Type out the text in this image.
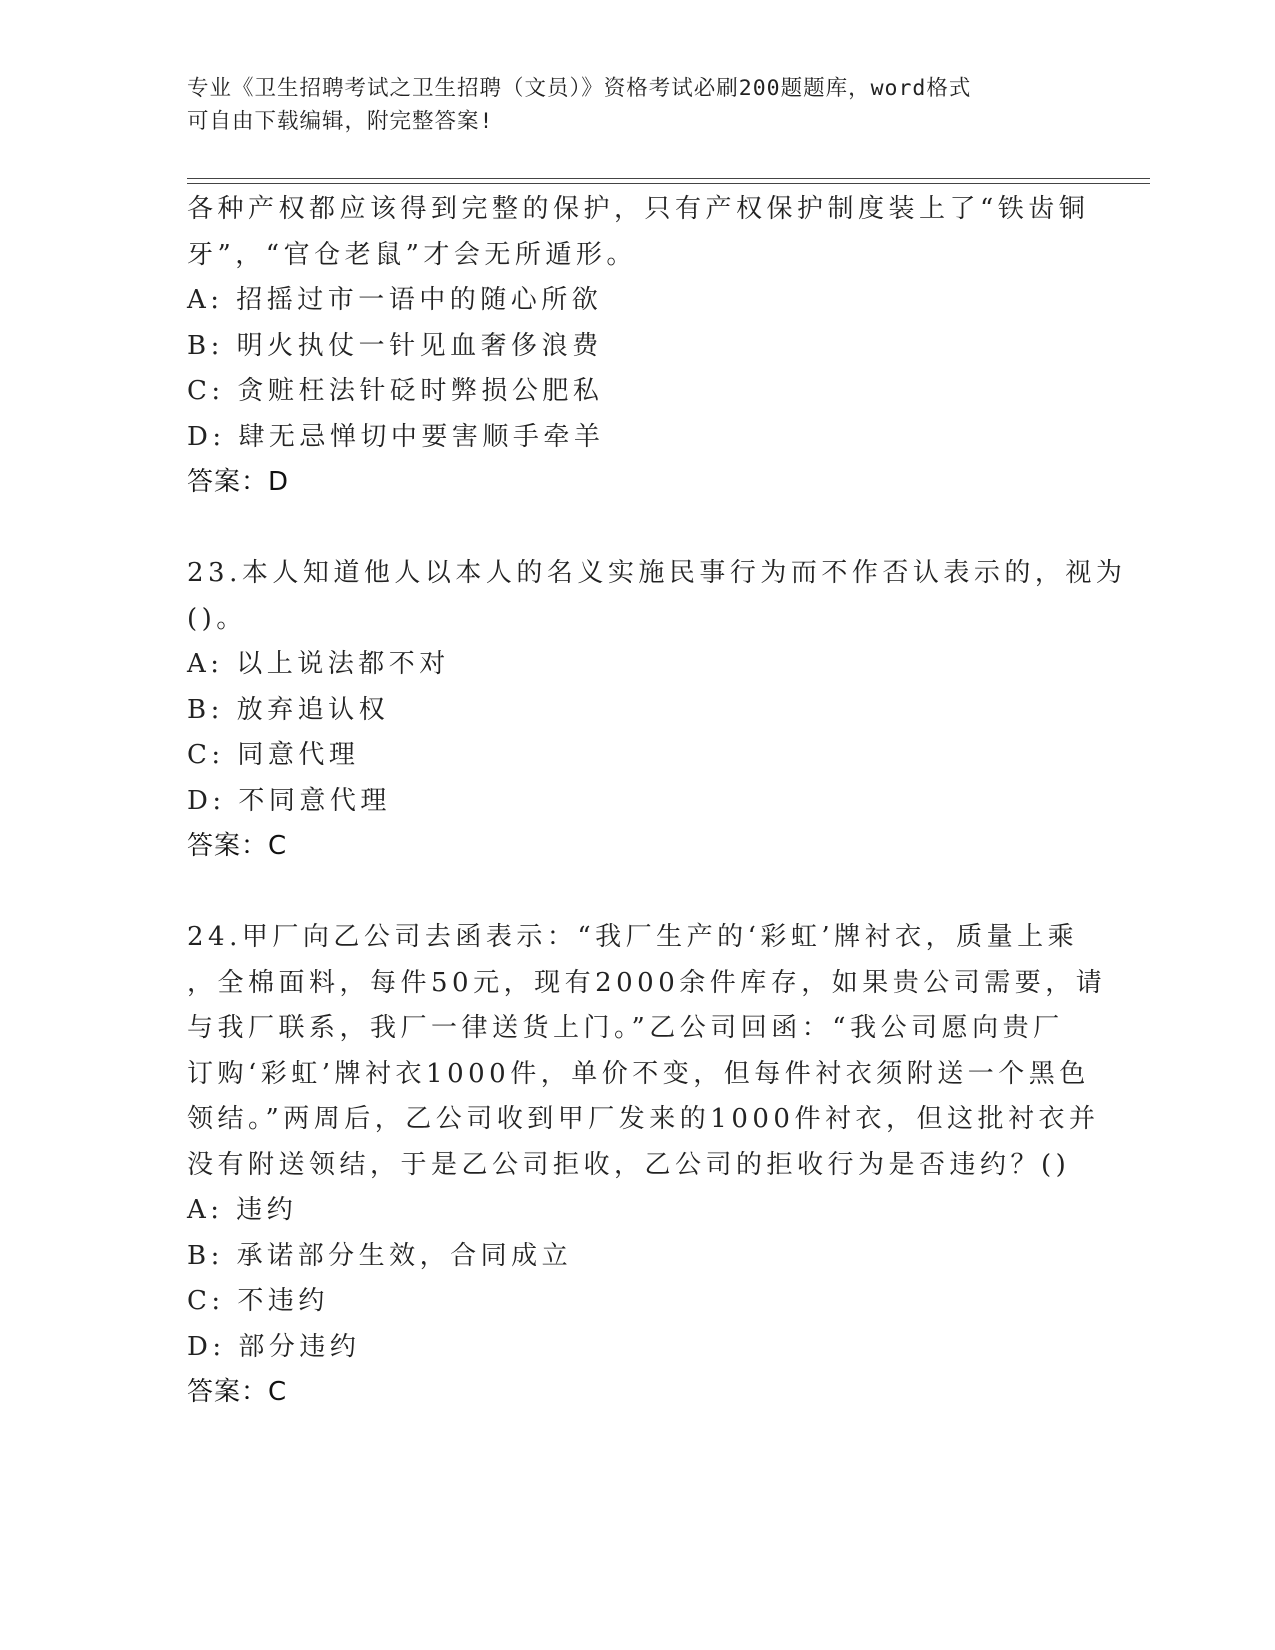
专业《卫生招聘考试之卫生招聘（文员）》资格考试必刷200题题库，word格式
可自由下载编辑，附完整答案!
各种产权都应该得到完整的保护，只有产权保护制度装上了“铁齿铜
牙”，“官仓老鼠”才会无所遁形。
A: 招摇过市一语中的随心所欲
B: 明火执仗一针见血奢侈浪费
C: 贪赃枉法针砭时弊损公肥私
D: 肆无忌惮切中要害顺手牵羊
答案：D
23.本人知道他人以本人的名义实施民事行为而不作否认表示的，视为
()。
A: 以上说法都不对
B: 放弃追认权
C: 同意代理
D: 不同意代理
答案：C
24.甲厂向乙公司去函表示：“我厂生产的‘彩虹’牌衬衣，质量上乘
，全棉面料，每件50元，现有2000余件库存，如果贵公司需要，请
与我厂联系，我厂一律送货上门。”乙公司回函：“我公司愿向贵厂
订购‘彩虹’牌衬衣1000件，单价不变，但每件衬衣须附送一个黑色
领结。”两周后，乙公司收到甲厂发来的1000件衬衣，但这批衬衣并
没有附送领结，于是乙公司拒收，乙公司的拒收行为是否违约？()
A: 违约
B: 承诺部分生效，合同成立
C: 不违约
D: 部分违约
答案：C
